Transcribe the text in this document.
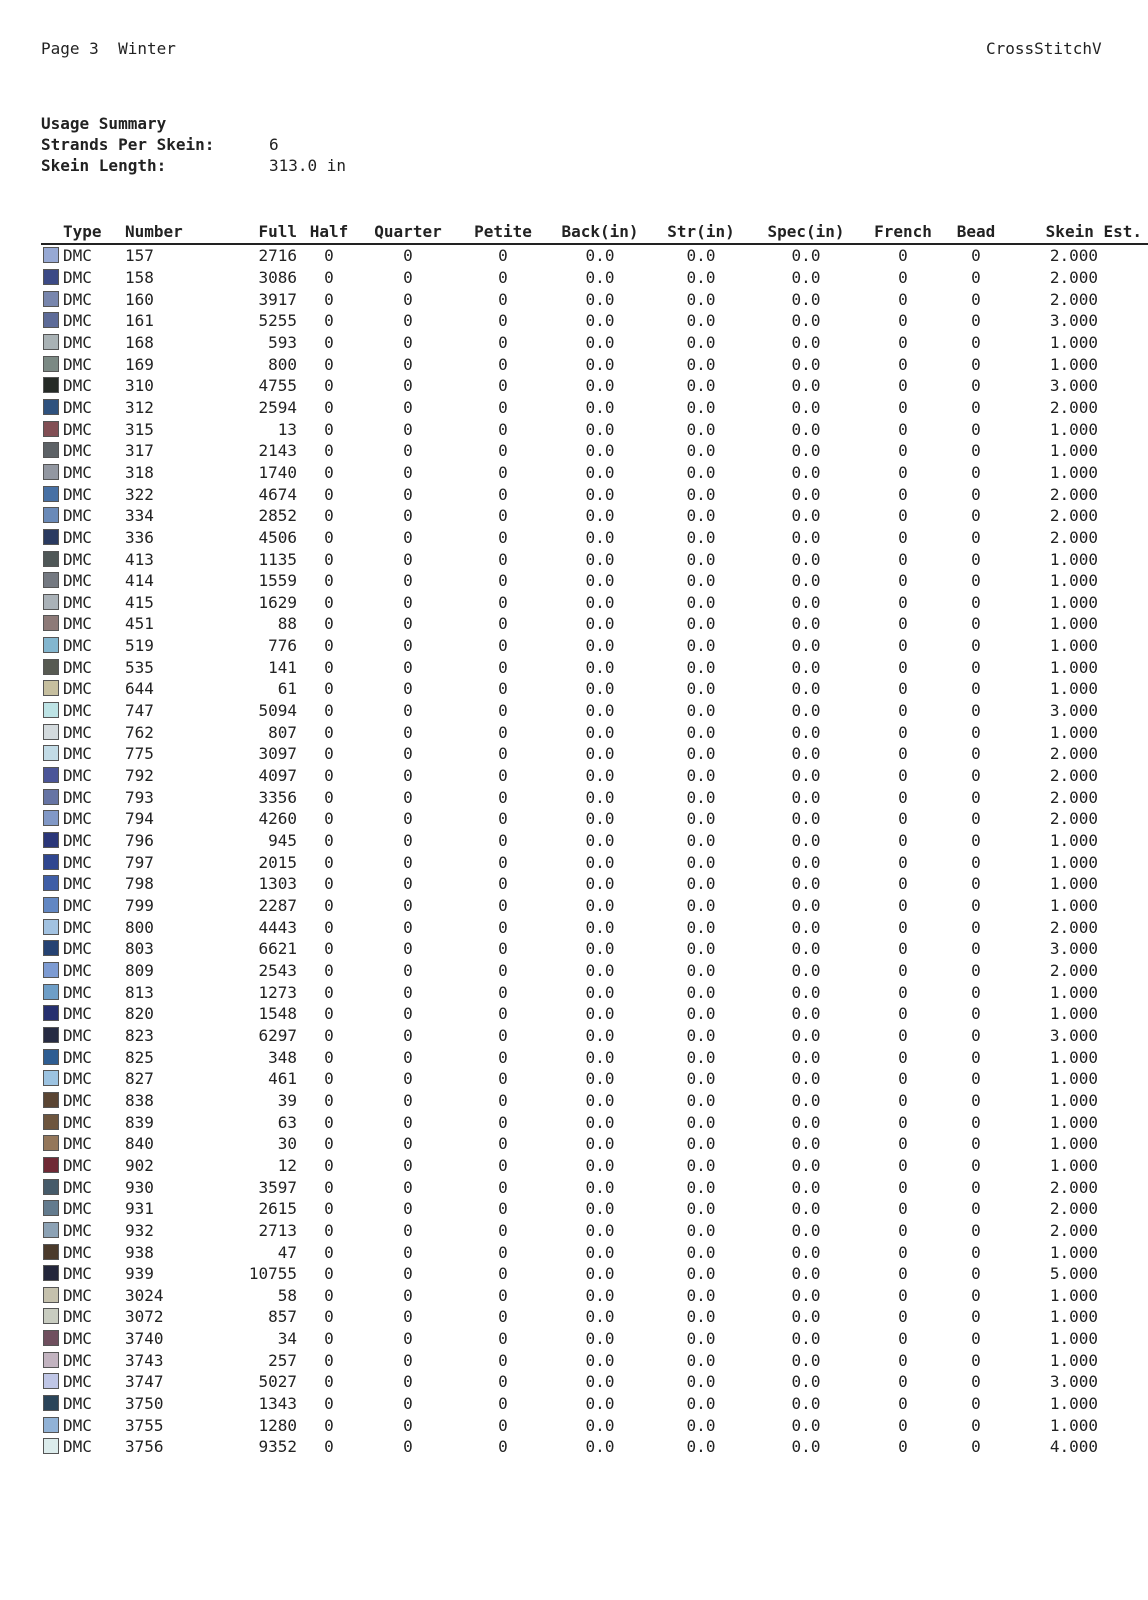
Page 3  Winter	CrossStitchV
Usage Summary
Strands Per Skein:	6
Skein Length:	313.0 in
	Type	Number	Full	Half	Quarter	Petite	Back(in)	Str(in)	Spec(in)	French	Bead	Skein Est.
	DMC	157	2716	0	0	0	0.0	0.0	0.0	0	0	2.000
	DMC	158	3086	0	0	0	0.0	0.0	0.0	0	0	2.000
	DMC	160	3917	0	0	0	0.0	0.0	0.0	0	0	2.000
	DMC	161	5255	0	0	0	0.0	0.0	0.0	0	0	3.000
	DMC	168	593	0	0	0	0.0	0.0	0.0	0	0	1.000
	DMC	169	800	0	0	0	0.0	0.0	0.0	0	0	1.000
	DMC	310	4755	0	0	0	0.0	0.0	0.0	0	0	3.000
	DMC	312	2594	0	0	0	0.0	0.0	0.0	0	0	2.000
	DMC	315	13	0	0	0	0.0	0.0	0.0	0	0	1.000
	DMC	317	2143	0	0	0	0.0	0.0	0.0	0	0	1.000
	DMC	318	1740	0	0	0	0.0	0.0	0.0	0	0	1.000
	DMC	322	4674	0	0	0	0.0	0.0	0.0	0	0	2.000
	DMC	334	2852	0	0	0	0.0	0.0	0.0	0	0	2.000
	DMC	336	4506	0	0	0	0.0	0.0	0.0	0	0	2.000
	DMC	413	1135	0	0	0	0.0	0.0	0.0	0	0	1.000
	DMC	414	1559	0	0	0	0.0	0.0	0.0	0	0	1.000
	DMC	415	1629	0	0	0	0.0	0.0	0.0	0	0	1.000
	DMC	451	88	0	0	0	0.0	0.0	0.0	0	0	1.000
	DMC	519	776	0	0	0	0.0	0.0	0.0	0	0	1.000
	DMC	535	141	0	0	0	0.0	0.0	0.0	0	0	1.000
	DMC	644	61	0	0	0	0.0	0.0	0.0	0	0	1.000
	DMC	747	5094	0	0	0	0.0	0.0	0.0	0	0	3.000
	DMC	762	807	0	0	0	0.0	0.0	0.0	0	0	1.000
	DMC	775	3097	0	0	0	0.0	0.0	0.0	0	0	2.000
	DMC	792	4097	0	0	0	0.0	0.0	0.0	0	0	2.000
	DMC	793	3356	0	0	0	0.0	0.0	0.0	0	0	2.000
	DMC	794	4260	0	0	0	0.0	0.0	0.0	0	0	2.000
	DMC	796	945	0	0	0	0.0	0.0	0.0	0	0	1.000
	DMC	797	2015	0	0	0	0.0	0.0	0.0	0	0	1.000
	DMC	798	1303	0	0	0	0.0	0.0	0.0	0	0	1.000
	DMC	799	2287	0	0	0	0.0	0.0	0.0	0	0	1.000
	DMC	800	4443	0	0	0	0.0	0.0	0.0	0	0	2.000
	DMC	803	6621	0	0	0	0.0	0.0	0.0	0	0	3.000
	DMC	809	2543	0	0	0	0.0	0.0	0.0	0	0	2.000
	DMC	813	1273	0	0	0	0.0	0.0	0.0	0	0	1.000
	DMC	820	1548	0	0	0	0.0	0.0	0.0	0	0	1.000
	DMC	823	6297	0	0	0	0.0	0.0	0.0	0	0	3.000
	DMC	825	348	0	0	0	0.0	0.0	0.0	0	0	1.000
	DMC	827	461	0	0	0	0.0	0.0	0.0	0	0	1.000
	DMC	838	39	0	0	0	0.0	0.0	0.0	0	0	1.000
	DMC	839	63	0	0	0	0.0	0.0	0.0	0	0	1.000
	DMC	840	30	0	0	0	0.0	0.0	0.0	0	0	1.000
	DMC	902	12	0	0	0	0.0	0.0	0.0	0	0	1.000
	DMC	930	3597	0	0	0	0.0	0.0	0.0	0	0	2.000
	DMC	931	2615	0	0	0	0.0	0.0	0.0	0	0	2.000
	DMC	932	2713	0	0	0	0.0	0.0	0.0	0	0	2.000
	DMC	938	47	0	0	0	0.0	0.0	0.0	0	0	1.000
	DMC	939	10755	0	0	0	0.0	0.0	0.0	0	0	5.000
	DMC	3024	58	0	0	0	0.0	0.0	0.0	0	0	1.000
	DMC	3072	857	0	0	0	0.0	0.0	0.0	0	0	1.000
	DMC	3740	34	0	0	0	0.0	0.0	0.0	0	0	1.000
	DMC	3743	257	0	0	0	0.0	0.0	0.0	0	0	1.000
	DMC	3747	5027	0	0	0	0.0	0.0	0.0	0	0	3.000
	DMC	3750	1343	0	0	0	0.0	0.0	0.0	0	0	1.000
	DMC	3755	1280	0	0	0	0.0	0.0	0.0	0	0	1.000
	DMC	3756	9352	0	0	0	0.0	0.0	0.0	0	0	4.000
